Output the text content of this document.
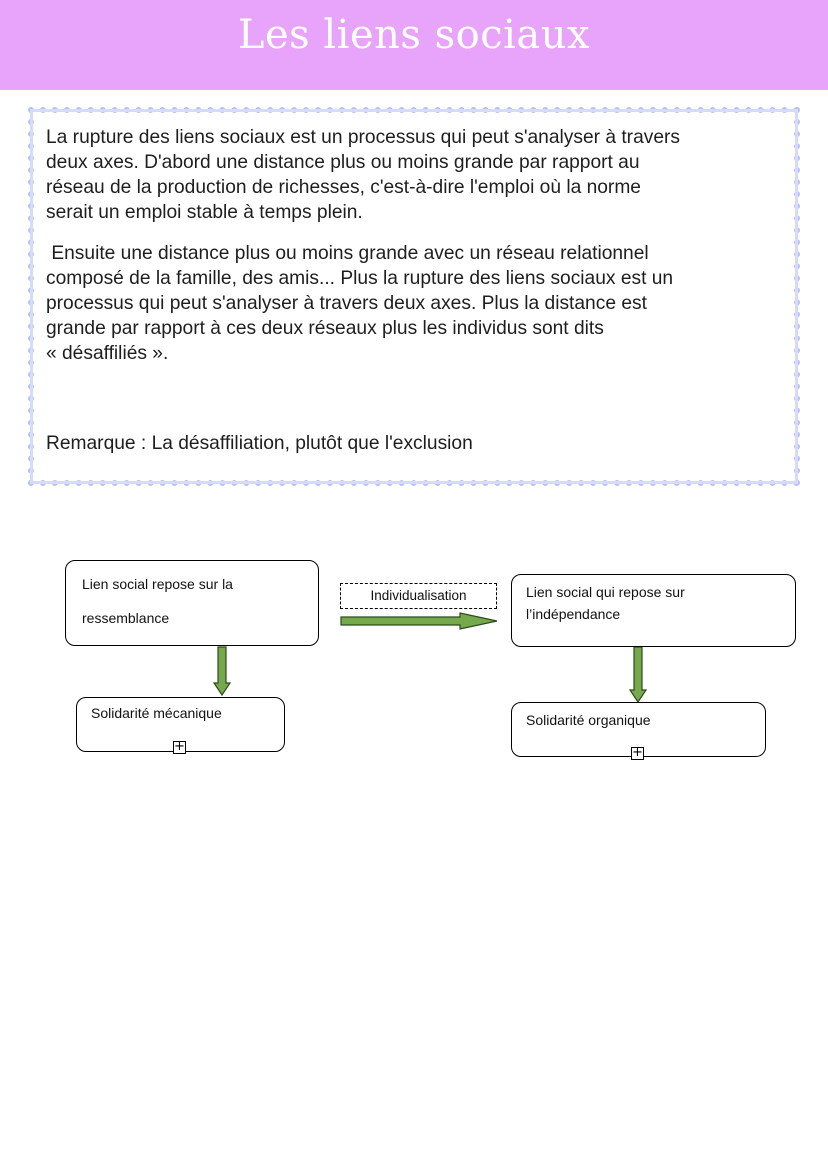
Les liens sociaux

La rupture des liens sociaux est un processus qui peut s'analyser à travers
deux axes. D'abord une distance plus ou moins grande par rapport au
réseau de la production de richesses, c'est-à-dire l'emploi où la norme
serait un emploi stable à temps plein.

Ensuite une distance plus ou moins grande avec un réseau relationnel
composé de la famille, des amis... Plus la rupture des liens sociaux est un
processus qui peut s'analyser à travers deux axes. Plus la distance est
grande par rapport à ces deux réseaux plus les individus sont dits
« désaffiliés ».

Remarque : La désaffiliation, plutôt que l'exclusion
Lien social repose sur la
ressemblance
Solidarité mécanique
+
Individualisation	Lien social qui repose sur
l’indépendance
Solidarité organique
+
